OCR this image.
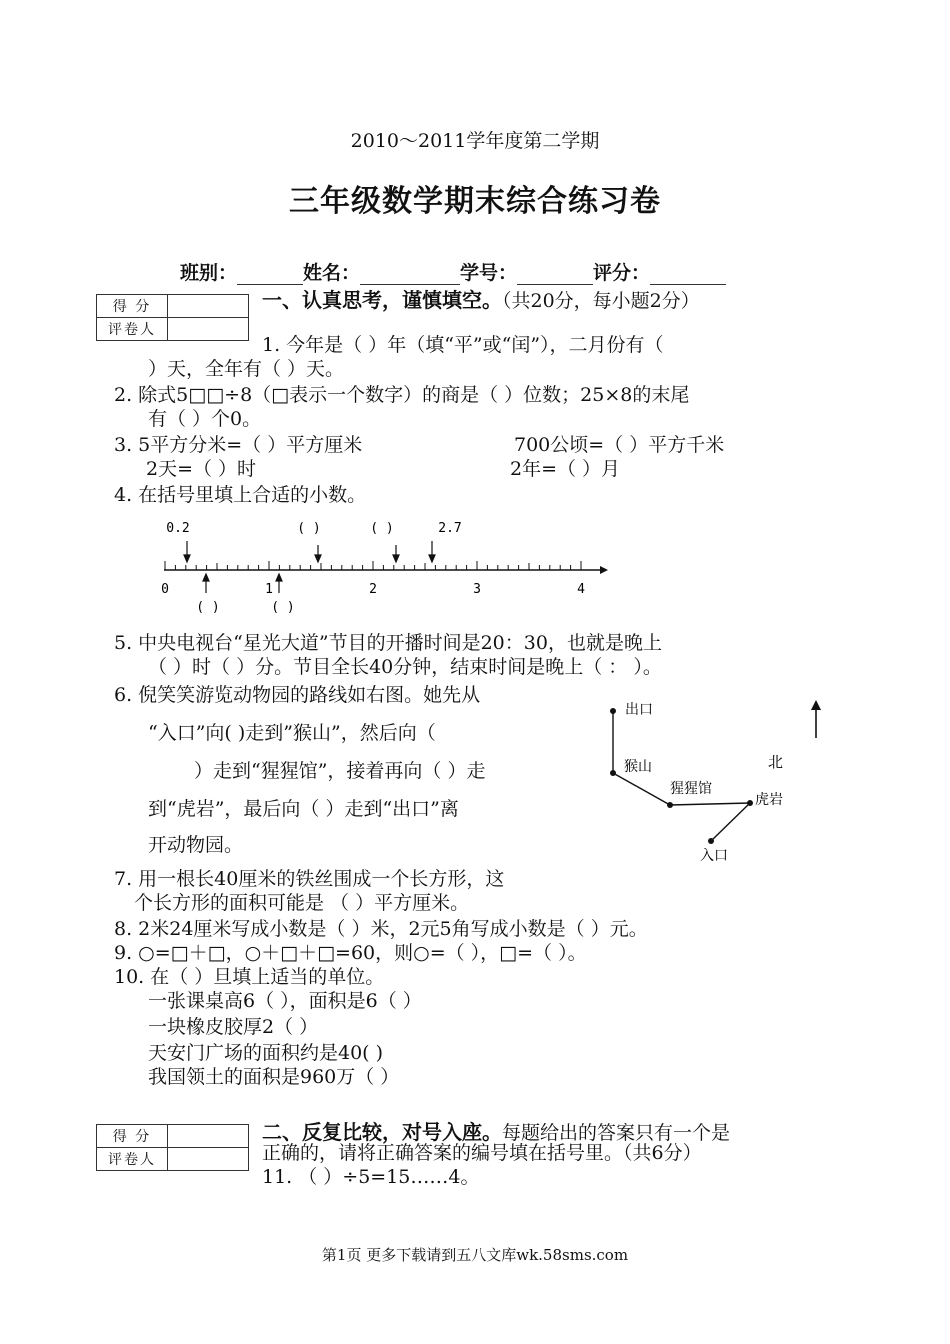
2010～2011学年度第二学期
三年级数学期末综合练习卷
班别：	姓名：	学号：	评分：
得 分	
评卷人	
一、认真思考，谨慎填空。（共20分，每小题2分）
1. 今年是（ ）年（填“平”或“闰”），二月份有（
）天，全年有（ ）天。
2. 除式5□□÷8（□表示一个数字）的商是（ ）位数；25×8的末尾
有（ ）个0。
3. 5平方分米=（ ）平方厘米	700公顷=（ ）平方千米
2天=（ ）时	2年=（ ）月
4. 在括号里填上合适的小数。
0.2	( )	( )	2.7
0	1	2	3	4
( )	( )
5. 中央电视台“星光大道”节目的开播时间是20：30，也就是晚上
（ ）时（ ）分。节目全长40分钟，结束时间是晚上（ ： ）。
6. 倪笑笑游览动物园的路线如右图。她先从
“入口”向( )走到”猴山”，然后向（
）走到“猩猩馆”，接着再向（ ）走
到“虎岩”，最后向（ ）走到“出口”离
开动物园。
出口
猴山
猩猩馆
虎岩
入口
北
7. 用一根长40厘米的铁丝围成一个长方形，这
个长方形的面积可能是 （ ）平方厘米。
8. 2米24厘米写成小数是（ ）米，2元5角写成小数是（ ）元。
9. ○=□＋□，○＋□＋□=60，则○=（ ），□=（ ）。
10. 在（ ）旦填上适当的单位。
一张课桌高6（ ），面积是6（ ）
一块橡皮胶厚2（ ）
天安门广场的面积约是40( )
我国领土的面积是960万（ ）
得 分	
评卷人	
二、反复比较，对号入座。每题给出的答案只有一个是
正确的，请将正确答案的编号填在括号里。（共6分）
11. （ ）÷5=15……4。
第1页 更多下载请到五八文库wk.58sms.com
